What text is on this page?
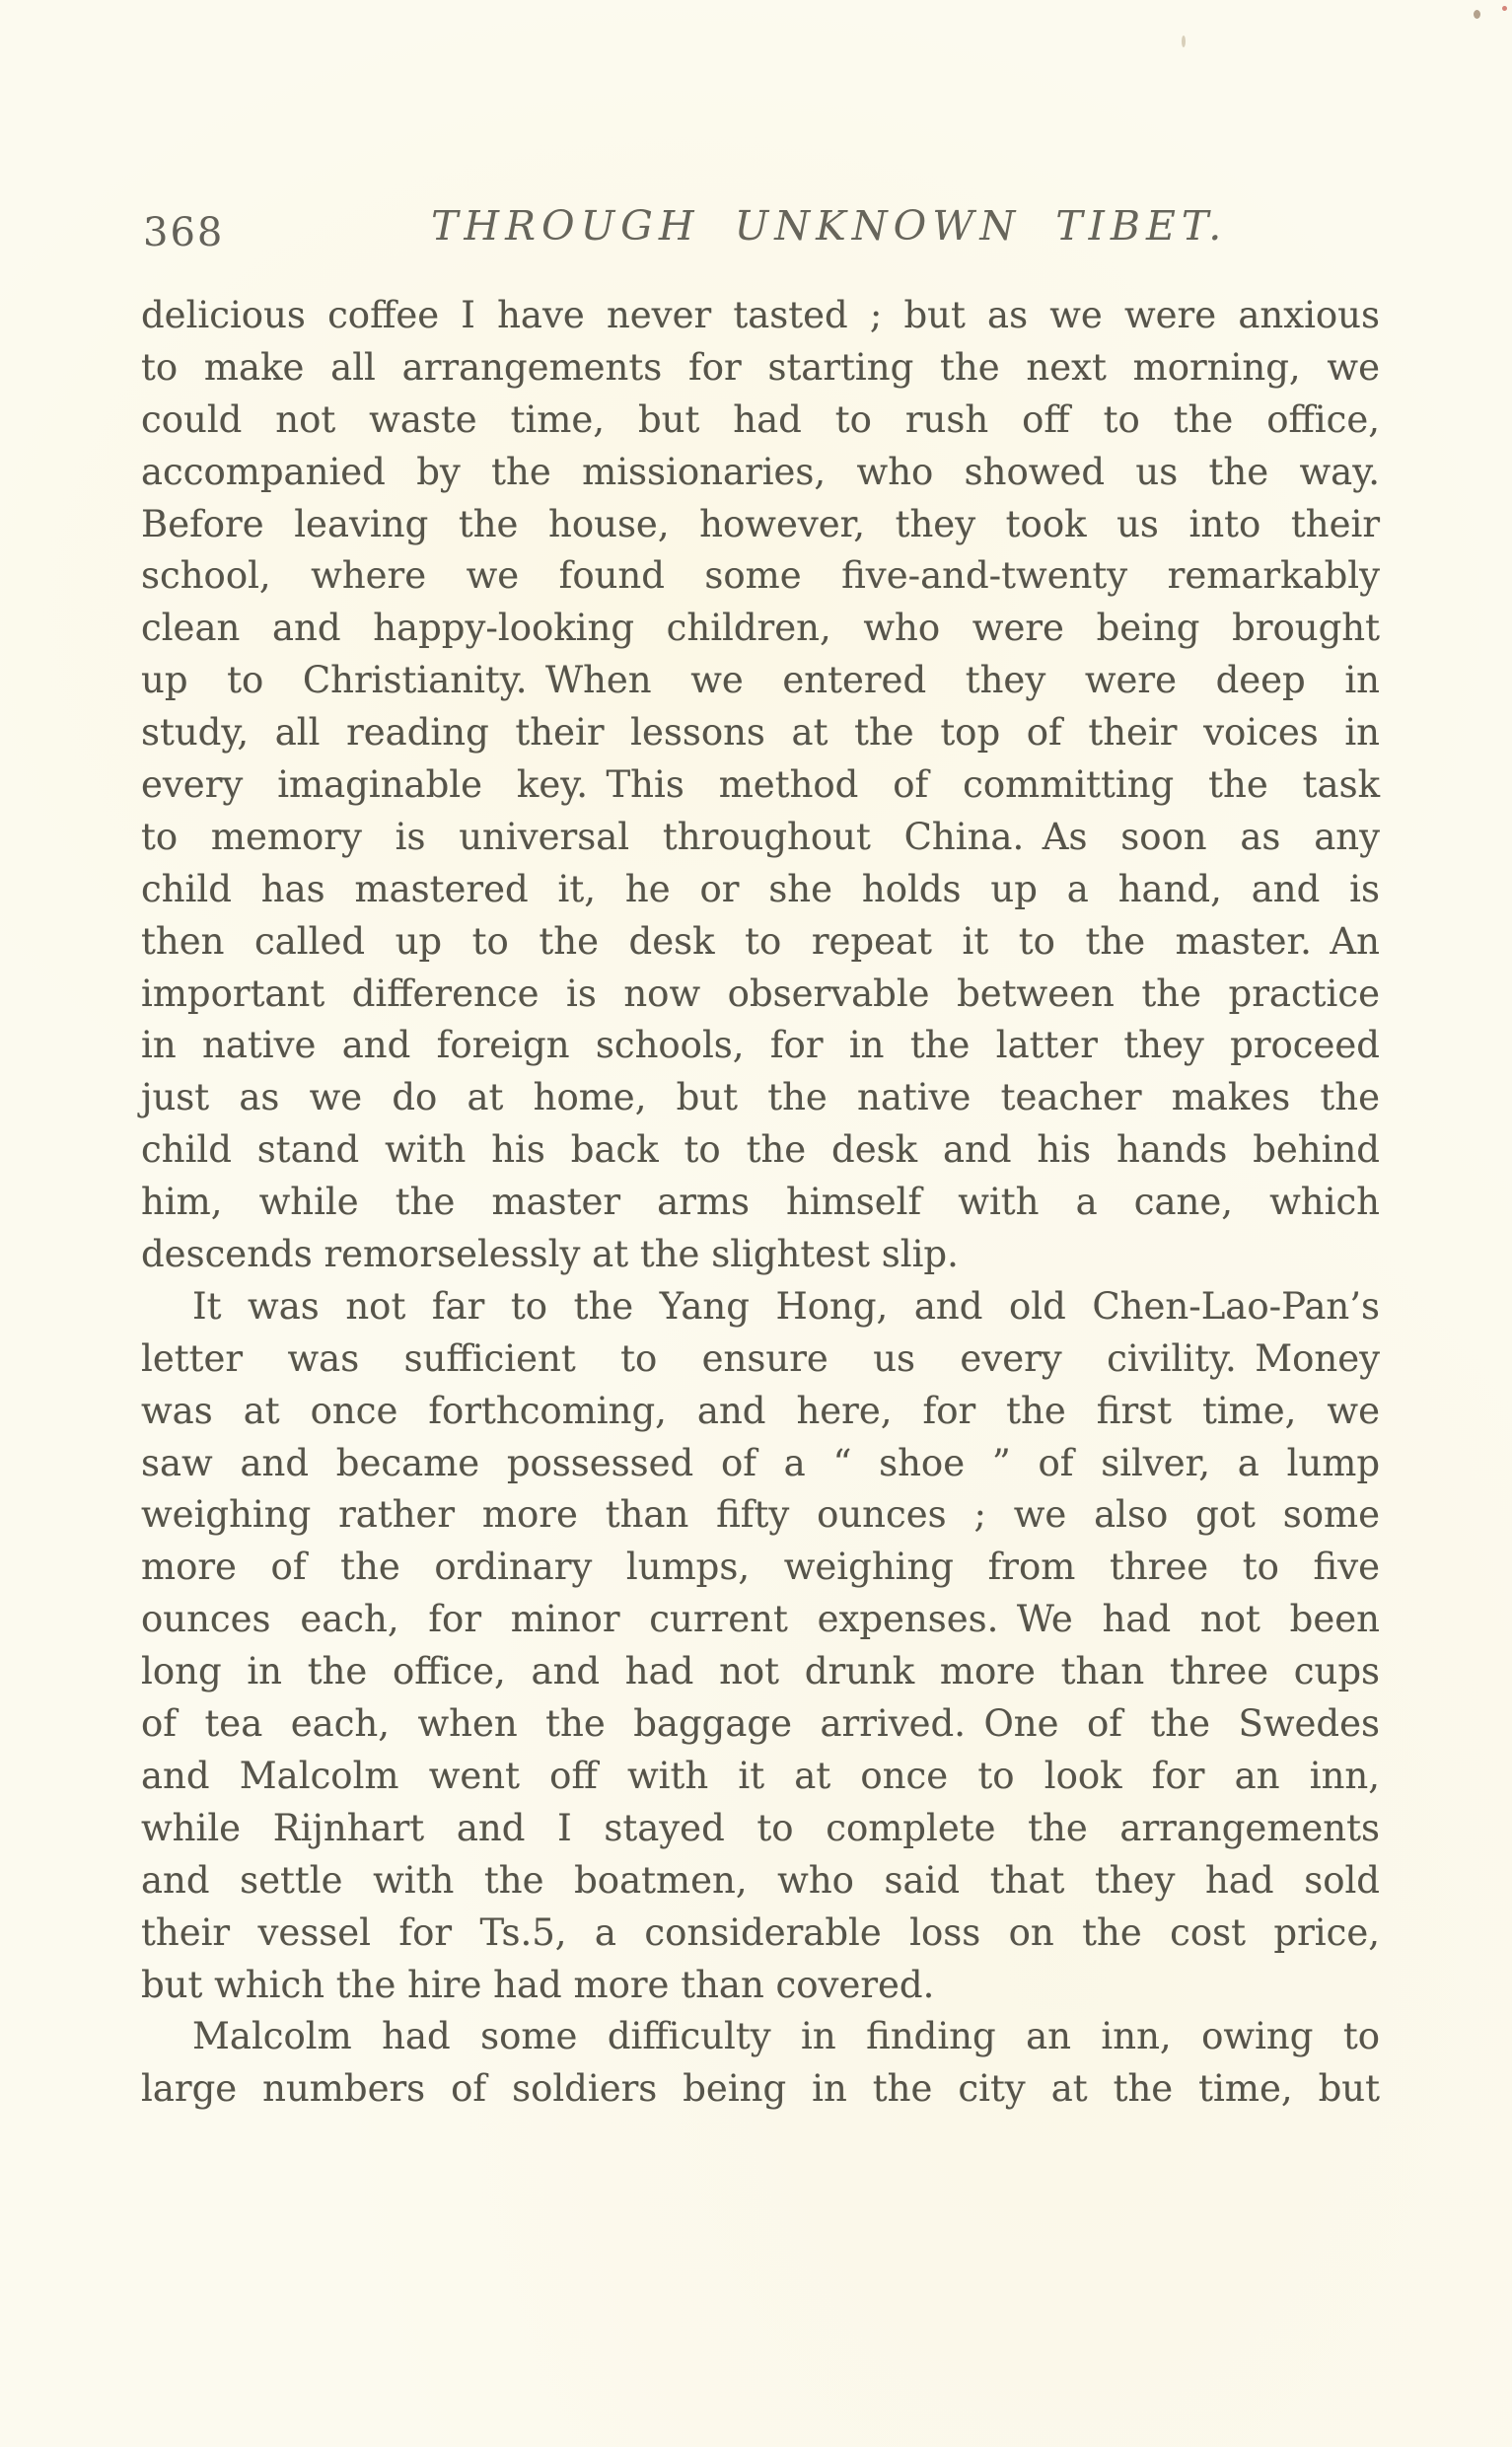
368	THROUGH UNKNOWN TIBET.
delicious coffee I have never tasted ; but as we were anxious
to make all arrangements for starting the next morning, we
could not waste time, but had to rush off to the office,
accompanied by the missionaries, who showed us the way.
Before leaving the house, however, they took us into their
school, where we found some five-and-twenty remarkably
clean and happy-looking children, who were being brought
up to Christianity. When we entered they were deep in
study, all reading their lessons at the top of their voices in
every imaginable key. This method of committing the task
to memory is universal throughout China. As soon as any
child has mastered it, he or she holds up a hand, and is
then called up to the desk to repeat it to the master. An
important difference is now observable between the practice
in native and foreign schools, for in the latter they proceed
just as we do at home, but the native teacher makes the
child stand with his back to the desk and his hands behind
him, while the master arms himself with a cane, which
descends remorselessly at the slightest slip.
It was not far to the Yang Hong, and old Chen-Lao-Pan’s
letter was sufficient to ensure us every civility. Money
was at once forthcoming, and here, for the first time, we
saw and became possessed of a “ shoe ” of silver, a lump
weighing rather more than fifty ounces ; we also got some
more of the ordinary lumps, weighing from three to five
ounces each, for minor current expenses. We had not been
long in the office, and had not drunk more than three cups
of tea each, when the baggage arrived. One of the Swedes
and Malcolm went off with it at once to look for an inn,
while Rijnhart and I stayed to complete the arrangements
and settle with the boatmen, who said that they had sold
their vessel for Ts.5, a considerable loss on the cost price,
but which the hire had more than covered.
Malcolm had some difficulty in finding an inn, owing to
large numbers of soldiers being in the city at the time, but
